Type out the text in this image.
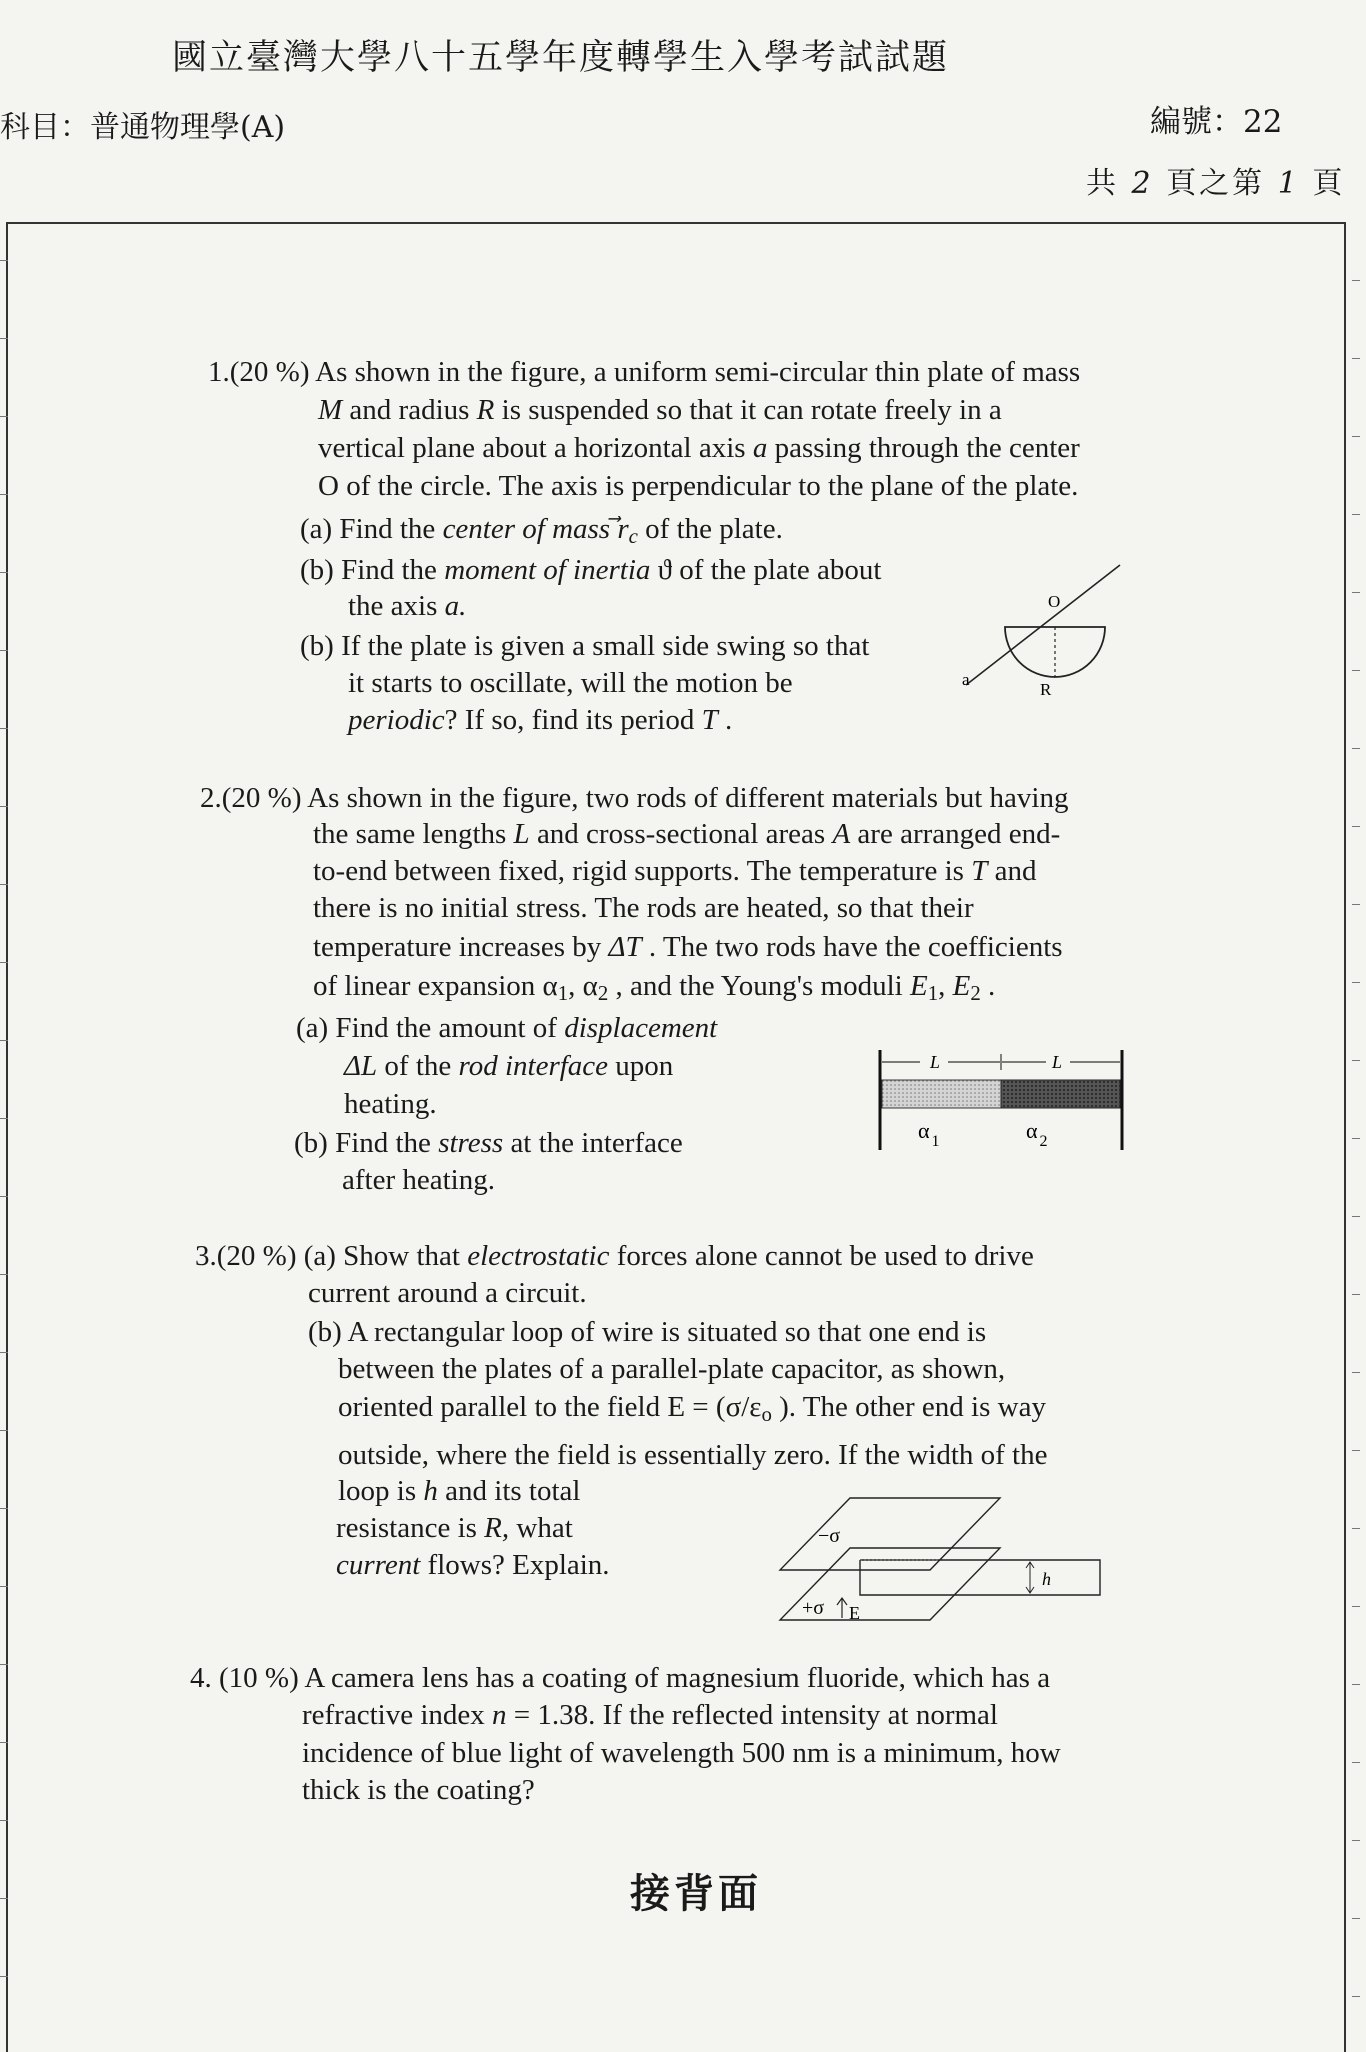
國立臺灣大學八十五學年度轉學生入學考試試題
科目：普通物理學(A)	編號：22
共 2 頁之第 1 頁
1.(20 %) As shown in the figure, a uniform semi-circular thin plate of mass
M and radius R is suspended so that it can rotate freely in a
vertical plane about a horizontal axis a passing through the center
O of the circle. The axis is perpendicular to the plane of the plate.
(a) Find the center of mass $r_c$ of the plate.
(b) Find the moment of inertia ϑ of the plate about
the axis a.
(b) If the plate is given a small side swing so that
it starts to oscillate, will the motion be
periodic? If so, find its period T .
O
a
R
2.(20 %) As shown in the figure, two rods of different materials but having
the same lengths L and cross-sectional areas A are arranged end-
to-end between fixed, rigid supports. The temperature is T and
there is no initial stress. The rods are heated, so that their
temperature increases by ΔT . The two rods have the coefficients
of linear expansion $\alpha_1$, $\alpha_2$ , and the Young's moduli $E_1$, $E_2$ .
(a) Find the amount of displacement
ΔL of the rod interface upon
heating.
(b) Find the stress at the interface
after heating.
L	L
α $_1$	α $_2$
3.(20 %) (a) Show that electrostatic forces alone cannot be used to drive
current around a circuit.
(b) A rectangular loop of wire is situated so that one end is
between the plates of a parallel-plate capacitor, as shown,
oriented parallel to the field $E = (\sigma/\varepsilon_o$ ). The other end is way
outside, where the field is essentially zero. If the width of the
loop is h and its total
resistance is R, what
current flows? Explain.	h
−σ
+σ E
4. (10 %) A camera lens has a coating of magnesium fluoride, which has a
refractive index n = 1.38. If the reflected intensity at normal
incidence of blue light of wavelength 500 nm is a minimum, how
thick is the coating?
接背面
